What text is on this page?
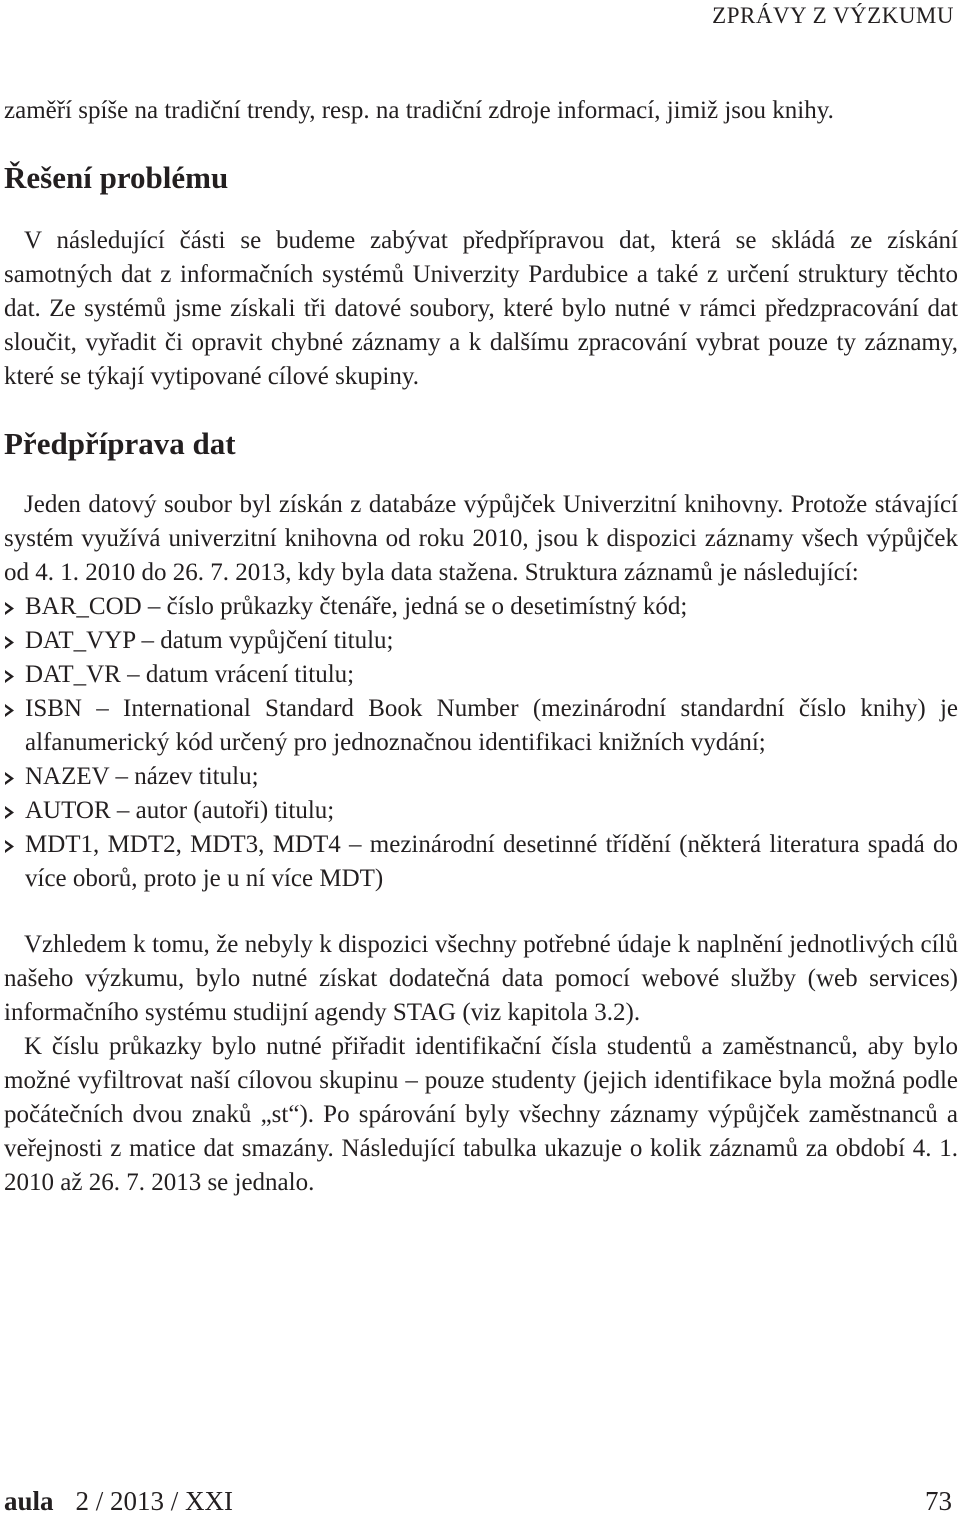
ZPRÁVY Z VÝZKUMU

zaměří spíše na tradiční trendy, resp. na tradiční zdroje informací, jimiž jsou knihy.

Řešení problému

V následující části se budeme zabývat předpřípravou dat, která se skládá ze získání samotných dat z informačních systémů Univerzity Pardubice a také z určení struktury těchto dat. Ze systémů jsme získali tři datové soubory, které bylo nutné v rámci předzpracování dat sloučit, vyřadit či opravit chybné záznamy a k dalšímu zpracování vybrat pouze ty záznamy, které se týkají vytipované cílové skupiny.

Předpříprava dat

Jeden datový soubor byl získán z databáze výpůjček Univerzitní knihovny. Protože stávající systém využívá univerzitní knihovna od roku 2010, jsou k dispozici záznamy všech výpůjček od 4. 1. 2010 do 26. 7. 2013, kdy byla data stažena. Struktura záznamů je následující:

BAR_COD – číslo průkazky čtenáře, jedná se o desetimístný kód;
DAT_VYP – datum vypůjčení titulu;
DAT_VR – datum vrácení titulu;
ISBN – International Standard Book Number (mezinárodní standardní číslo knihy) je alfanumerický kód určený pro jednoznačnou identifikaci knižních vydání;
NAZEV – název titulu;
AUTOR – autor (autoři) titulu;
MDT1, MDT2, MDT3, MDT4 – mezinárodní desetinné třídění (některá literatura spadá do více oborů, proto je u ní více MDT)

Vzhledem k tomu, že nebyly k dispozici všechny potřebné údaje k naplnění jednotlivých cílů našeho výzkumu, bylo nutné získat dodatečná data pomocí webové služby (web services) informačního systému studijní agendy STAG (viz kapitola 3.2).

K číslu průkazky bylo nutné přiřadit identifikační čísla studentů a zaměstnanců, aby bylo možné vyfiltrovat naší cílovou skupinu – pouze studenty (jejich identifikace byla možná podle počátečních dvou znaků „st“). Po spárování byly všechny záznamy výpůjček zaměstnanců a veřejnosti z matice dat smazány. Následující tabulka ukazuje o kolik záznamů za období 4. 1. 2010 až 26. 7. 2013 se jednalo.

aula 2 / 2013 / XXI	73
